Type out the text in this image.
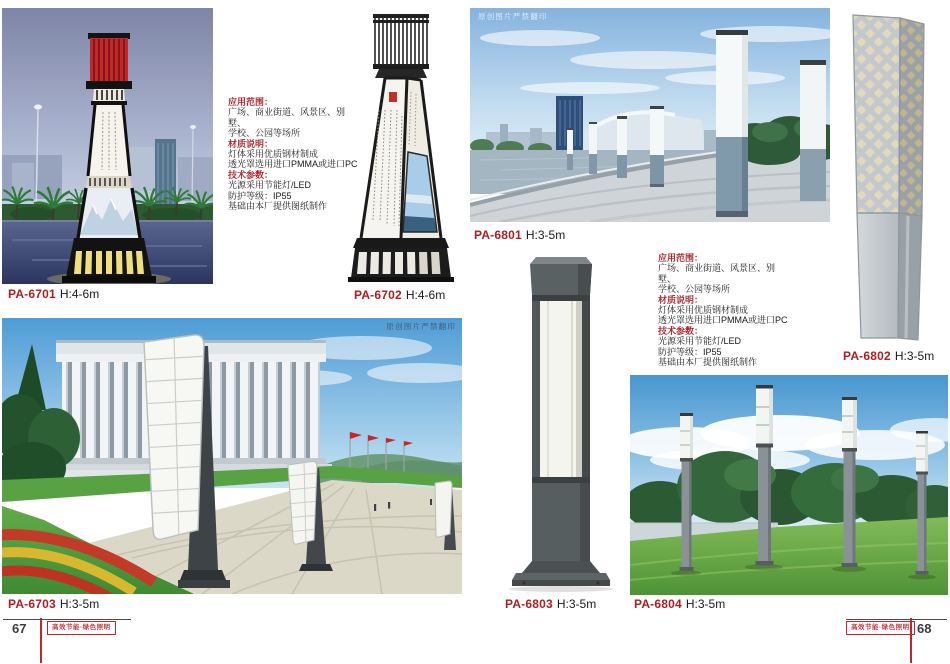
PA-6701 H:4-6m
应用范围：
广场、商业街道、风景区、别墅、
学校、公园等场所
材质说明：
灯体采用优质钢材制成
透光罩选用进口PMMA或进口PC
技术参数：
光源采用节能灯/LED
防护等级：IP55
基础由本厂提供图纸制作
PA-6702 H:4-6m
原创图片严禁翻印
PA-6703 H:3-5m
67	高效节能·绿色照明
原创图片严禁翻印
PA-6801 H:3-5m
应用范围：
广场、商业街道、风景区、别墅、
学校、公园等场所
材质说明：
灯体采用优质钢材制成
透光罩选用进口PMMA或进口PC
技术参数：
光源采用节能灯/LED
防护等级：IP55
基础由本厂提供图纸制作	PA-6802 H:3-5m
PA-6803 H:3-5m	PA-6804 H:3-5m
高效节能·绿色照明 68
